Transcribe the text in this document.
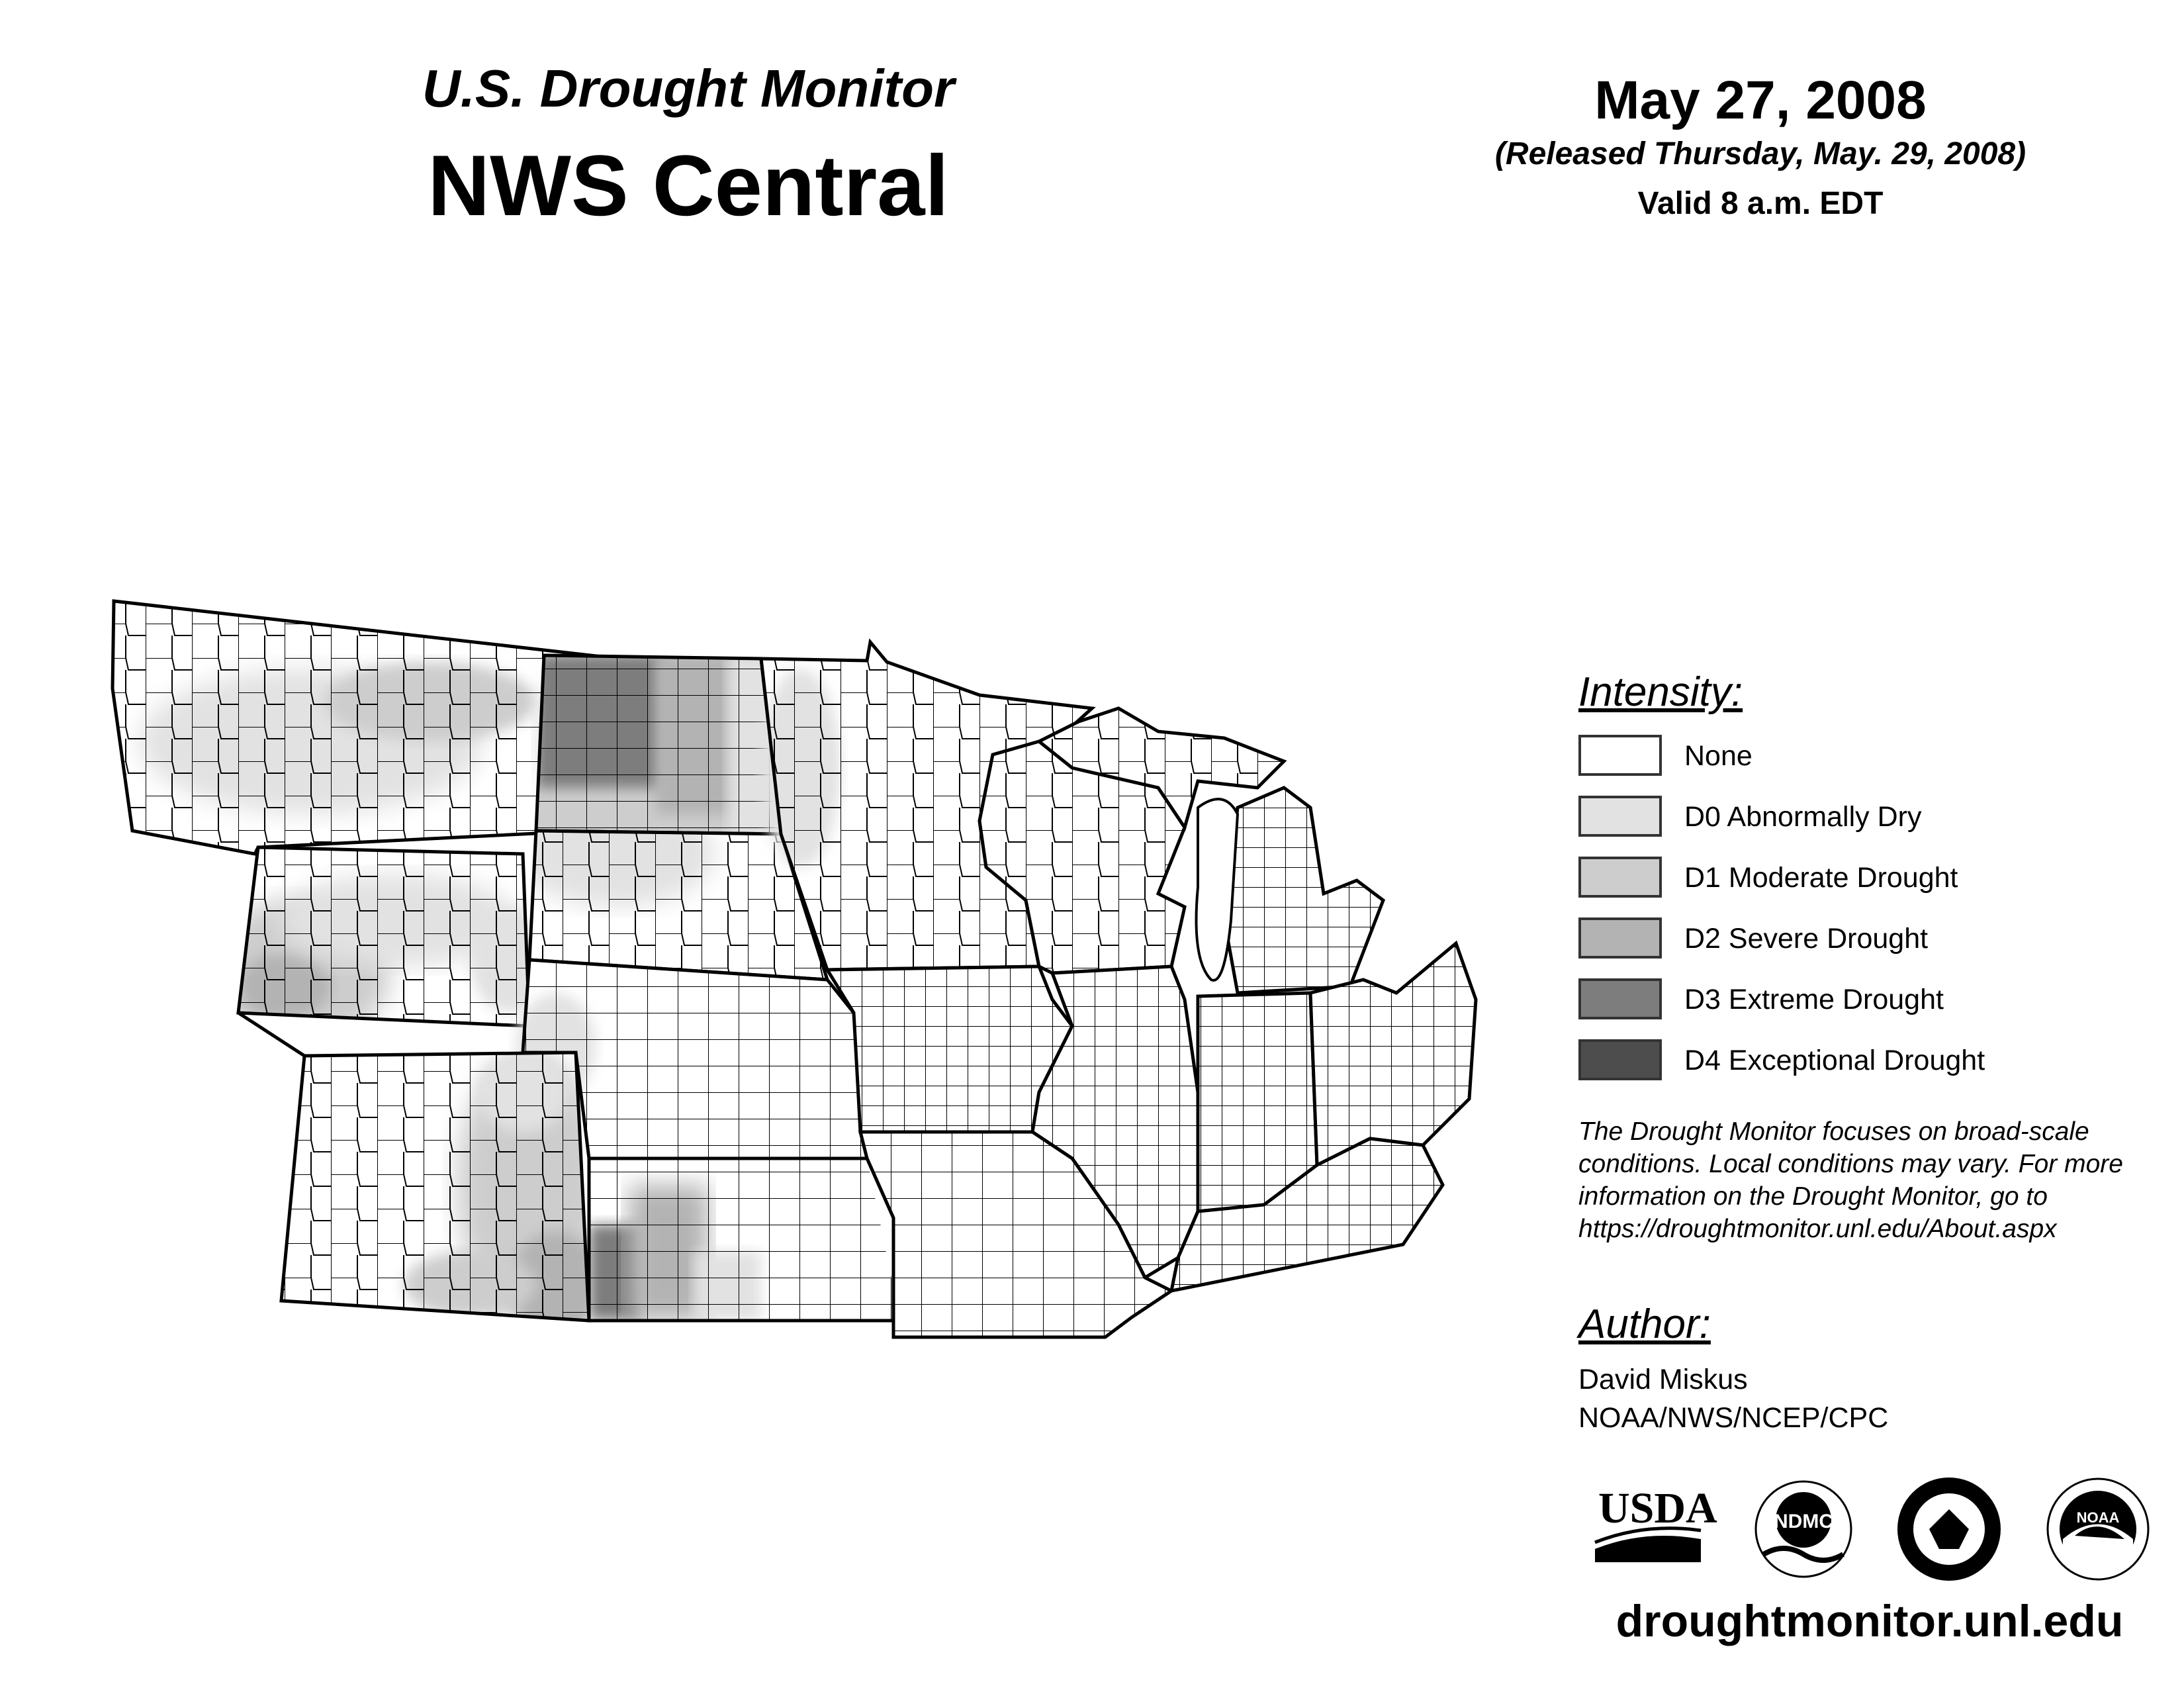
U.S. Drought Monitor
NWS Central
May 27, 2008
(Released Thursday, May. 29, 2008)
Valid 8 a.m. EDT
Intensity:
None
D0 Abnormally Dry
D1 Moderate Drought
D2 Severe Drought
D3 Extreme Drought
D4 Exceptional Drought
The Drought Monitor focuses on broad-scale conditions. Local conditions may vary. For more information on the Drought Monitor, go to https://droughtmonitor.unl.edu/About.aspx
Author:
David Miskus
NOAA/NWS/NCEP/CPC
USDA	NDMC	NOAA
droughtmonitor.unl.edu
